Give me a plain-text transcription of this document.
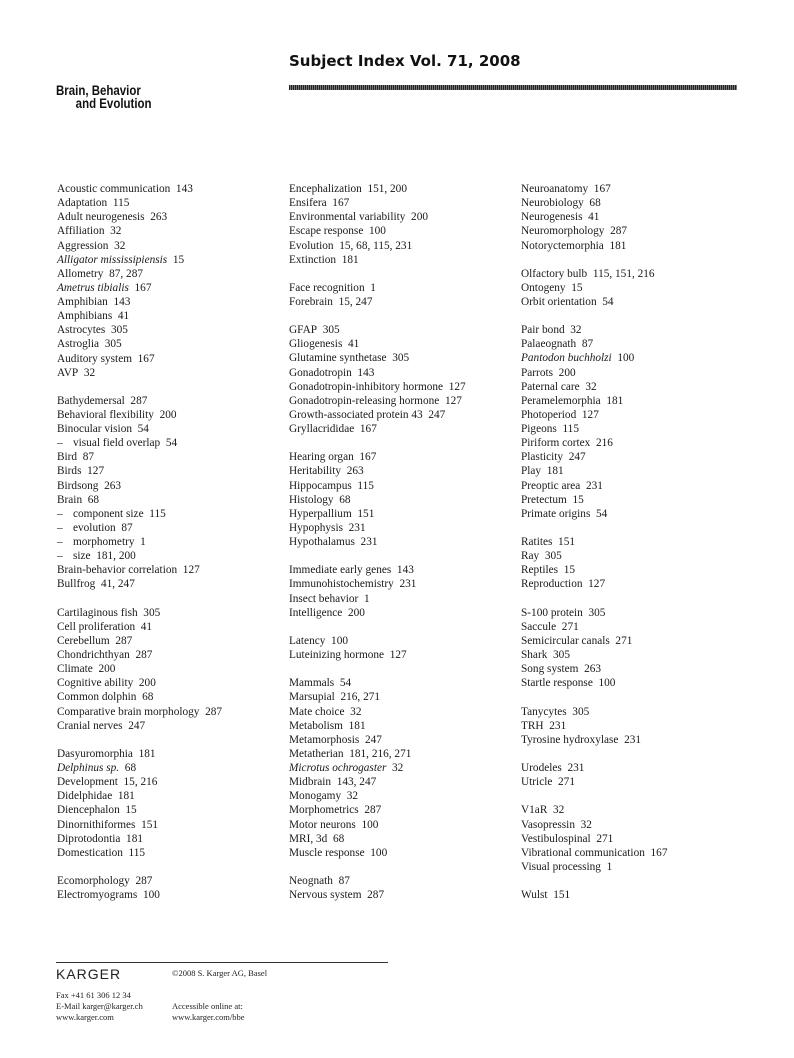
Subject Index Vol. 71, 2008
Brain, Behavior
and Evolution
Acoustic communication  143
Adaptation  115
Adult neurogenesis  263
Affiliation  32
Aggression  32
Alligator mississipiensis  15
Allometry  87, 287
Ametrus tibialis  167
Amphibian  143
Amphibians  41
Astrocytes  305
Astroglia  305
Auditory system  167
AVP  32
Bathydemersal  287
Behavioral flexibility  200
Binocular vision  54
– visual field overlap  54
Bird  87
Birds  127
Birdsong  263
Brain  68
– component size  115
– evolution  87
– morphometry  1
– size  181, 200
Brain-behavior correlation  127
Bullfrog  41, 247
Cartilaginous fish  305
Cell proliferation  41
Cerebellum  287
Chondrichthyan  287
Climate  200
Cognitive ability  200
Common dolphin  68
Comparative brain morphology  287
Cranial nerves  247
Dasyuromorphia  181
Delphinus sp.  68
Development  15, 216
Didelphidae  181
Diencephalon  15
Dinornithiformes  151
Diprotodontia  181
Domestication  115
Ecomorphology  287
Electromyograms  100
Encephalization  151, 200
Ensifera  167
Environmental variability  200
Escape response  100
Evolution  15, 68, 115, 231
Extinction  181
Face recognition  1
Forebrain  15, 247
GFAP  305
Gliogenesis  41
Glutamine synthetase  305
Gonadotropin  143
Gonadotropin-inhibitory hormone  127
Gonadotropin-releasing hormone  127
Growth-associated protein 43  247
Gryllacrididae  167
Hearing organ  167
Heritability  263
Hippocampus  115
Histology  68
Hyperpallium  151
Hypophysis  231
Hypothalamus  231
Immediate early genes  143
Immunohistochemistry  231
Insect behavior  1
Intelligence  200
Latency  100
Luteinizing hormone  127
Mammals  54
Marsupial  216, 271
Mate choice  32
Metabolism  181
Metamorphosis  247
Metatherian  181, 216, 271
Microtus ochrogaster  32
Midbrain  143, 247
Monogamy  32
Morphometrics  287
Motor neurons  100
MRI, 3d  68
Muscle response  100
Neognath  87
Nervous system  287
Neuroanatomy  167
Neurobiology  68
Neurogenesis  41
Neuromorphology  287
Notoryctemorphia  181
Olfactory bulb  115, 151, 216
Ontogeny  15
Orbit orientation  54
Pair bond  32
Palaeognath  87
Pantodon buchholzi  100
Parrots  200
Paternal care  32
Peramelemorphia  181
Photoperiod  127
Pigeons  115
Piriform cortex  216
Plasticity  247
Play  181
Preoptic area  231
Pretectum  15
Primate origins  54
Ratites  151
Ray  305
Reptiles  15
Reproduction  127
S-100 protein  305
Saccule  271
Semicircular canals  271
Shark  305
Song system  263
Startle response  100
Tanycytes  305
TRH  231
Tyrosine hydroxylase  231
Urodeles  231
Utricle  271
V1aR  32
Vasopressin  32
Vestibulospinal  271
Vibrational communication  167
Visual processing  1
Wulst  151
KARGER	©2008 S. Karger AG, Basel
Fax +41 61 306 12 34
E-Mail karger@karger.ch
www.karger.com
Accessible online at:
www.karger.com/bbe
